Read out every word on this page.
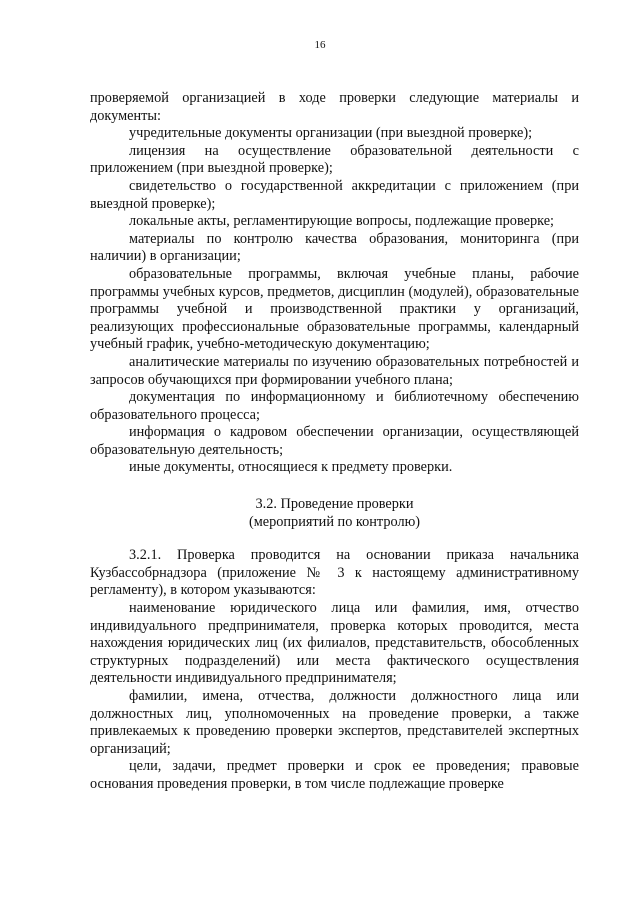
16

проверяемой организацией в ходе проверки следующие материалы и документы:

учредительные документы организации (при выездной проверке);

лицензия на осуществление образовательной деятельности с приложением (при выездной проверке);

свидетельство о государственной аккредитации с приложением (при выездной проверке);

локальные акты, регламентирующие вопросы, подлежащие проверке;

материалы по контролю качества образования, мониторинга (при наличии) в организации;

образовательные программы, включая учебные планы, рабочие программы учебных курсов, предметов, дисциплин (модулей), образовательные программы учебной и производственной практики у организаций, реализующих профессиональные образовательные программы, календарный учебный график, учебно-методическую документацию;

аналитические материалы по изучению образовательных потребностей и запросов обучающихся при формировании учебного плана;

документация по информационному и библиотечному обеспечению образовательного процесса;

информация о кадровом обеспечении организации, осуществляющей образовательную деятельность;

иные документы, относящиеся к предмету проверки.

3.2. Проведение проверки
(мероприятий по контролю)

3.2.1. Проверка проводится на основании приказа начальника Кузбассобрнадзора (приложение № 3 к настоящему административному регламенту), в котором указываются:

наименование юридического лица или фамилия, имя, отчество индивидуального предпринимателя, проверка которых проводится, места нахождения юридических лиц (их филиалов, представительств, обособленных структурных подразделений) или места фактического осуществления деятельности индивидуального предпринимателя;

фамилии, имена, отчества, должности должностного лица или должностных лиц, уполномоченных на проведение проверки, а также привлекаемых к проведению проверки экспертов, представителей экспертных организаций;

цели, задачи, предмет проверки и срок ее проведения; правовые основания проведения проверки, в том числе подлежащие проверке
